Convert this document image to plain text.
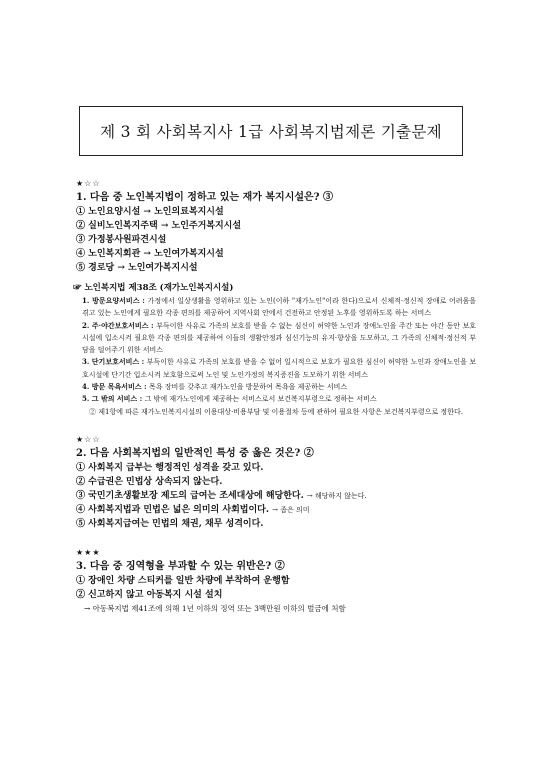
제 3 회 사회복지사 1급 사회복지법제론 기출문제
★☆☆
1. 다음 중 노인복지법이 정하고 있는 재가 복지시설은? ③
① 노인요양시설 → 노인의료복지시설
② 실비노인복지주택 → 노인주거복지시설
③ 가정봉사원파견시설
④ 노인복지회관 → 노인여가복지시설
⑤ 경로당 → 노인여가복지시설
☞ 노인복지법 제38조 (재가노인복지시설)
1. 방문요양서비스 : 가정에서 일상생활을 영위하고 있는 노인(이하 "재가노인"이라 한다)으로서 신체적·정신적 장애로 어려움을 겪고 있는 노인에게 필요한 각종 편의를 제공하여 지역사회 안에서 건전하고 안정된 노후를 영위하도록 하는 서비스
2. 주·야간보호서비스 : 부득이한 사유로 가족의 보호를 받을 수 없는 심신이 허약한 노인과 장애노인을 주간 또는 야간 동안 보호시설에 입소시켜 필요한 각종 편의를 제공하여 이들의 생활안정과 심신기능의 유지·향상을 도모하고, 그 가족의 신체적·정신적 부담을 덜어주기 위한 서비스
3. 단기보호서비스 : 부득이한 사유로 가족의 보호를 받을 수 없어 일시적으로 보호가 필요한 심신이 허약한 노인과 장애노인을 보호시설에 단기간 입소시켜 보호함으로써 노인 및 노인가정의 복지증진을 도모하기 위한 서비스
4. 방문 목욕서비스 : 목욕 장비를 갖추고 재가노인을 방문하여 목욕을 제공하는 서비스
5. 그 밖의 서비스 : 그 밖에 재가노인에게 제공하는 서비스로서 보건복지부령으로 정하는 서비스
② 제1항에 따른 재가노인복지시설의 이용대상·비용부담 및 이용절차 등에 관하여 필요한 사항은 보건복지부령으로 정한다.
★☆☆
2. 다음 사회복지법의 일반적인 특성 중 옳은 것은? ②
① 사회복지 급부는 행정적인 성격을 갖고 있다.
② 수급권은 민법상 상속되지 않는다.
③ 국민기초생활보장 제도의 급여는 조세대상에 해당한다. → 해당하지 않는다.
④ 사회복지법과 민법은 넓은 의미의 사회법이다. → 좁은 의미
⑤ 사회복지급여는 민법의 채권, 채무 성격이다.
★★★
3. 다음 중 징역형을 부과할 수 있는 위반은? ②
① 장애인 차량 스티커를 일반 차량에 부착하여 운행함
② 신고하지 않고 아동복지 시설 설치
→ 아동복지법 제41조에 의해 1년 이하의 징역 또는 3백만원 이하의 벌금에 처함
